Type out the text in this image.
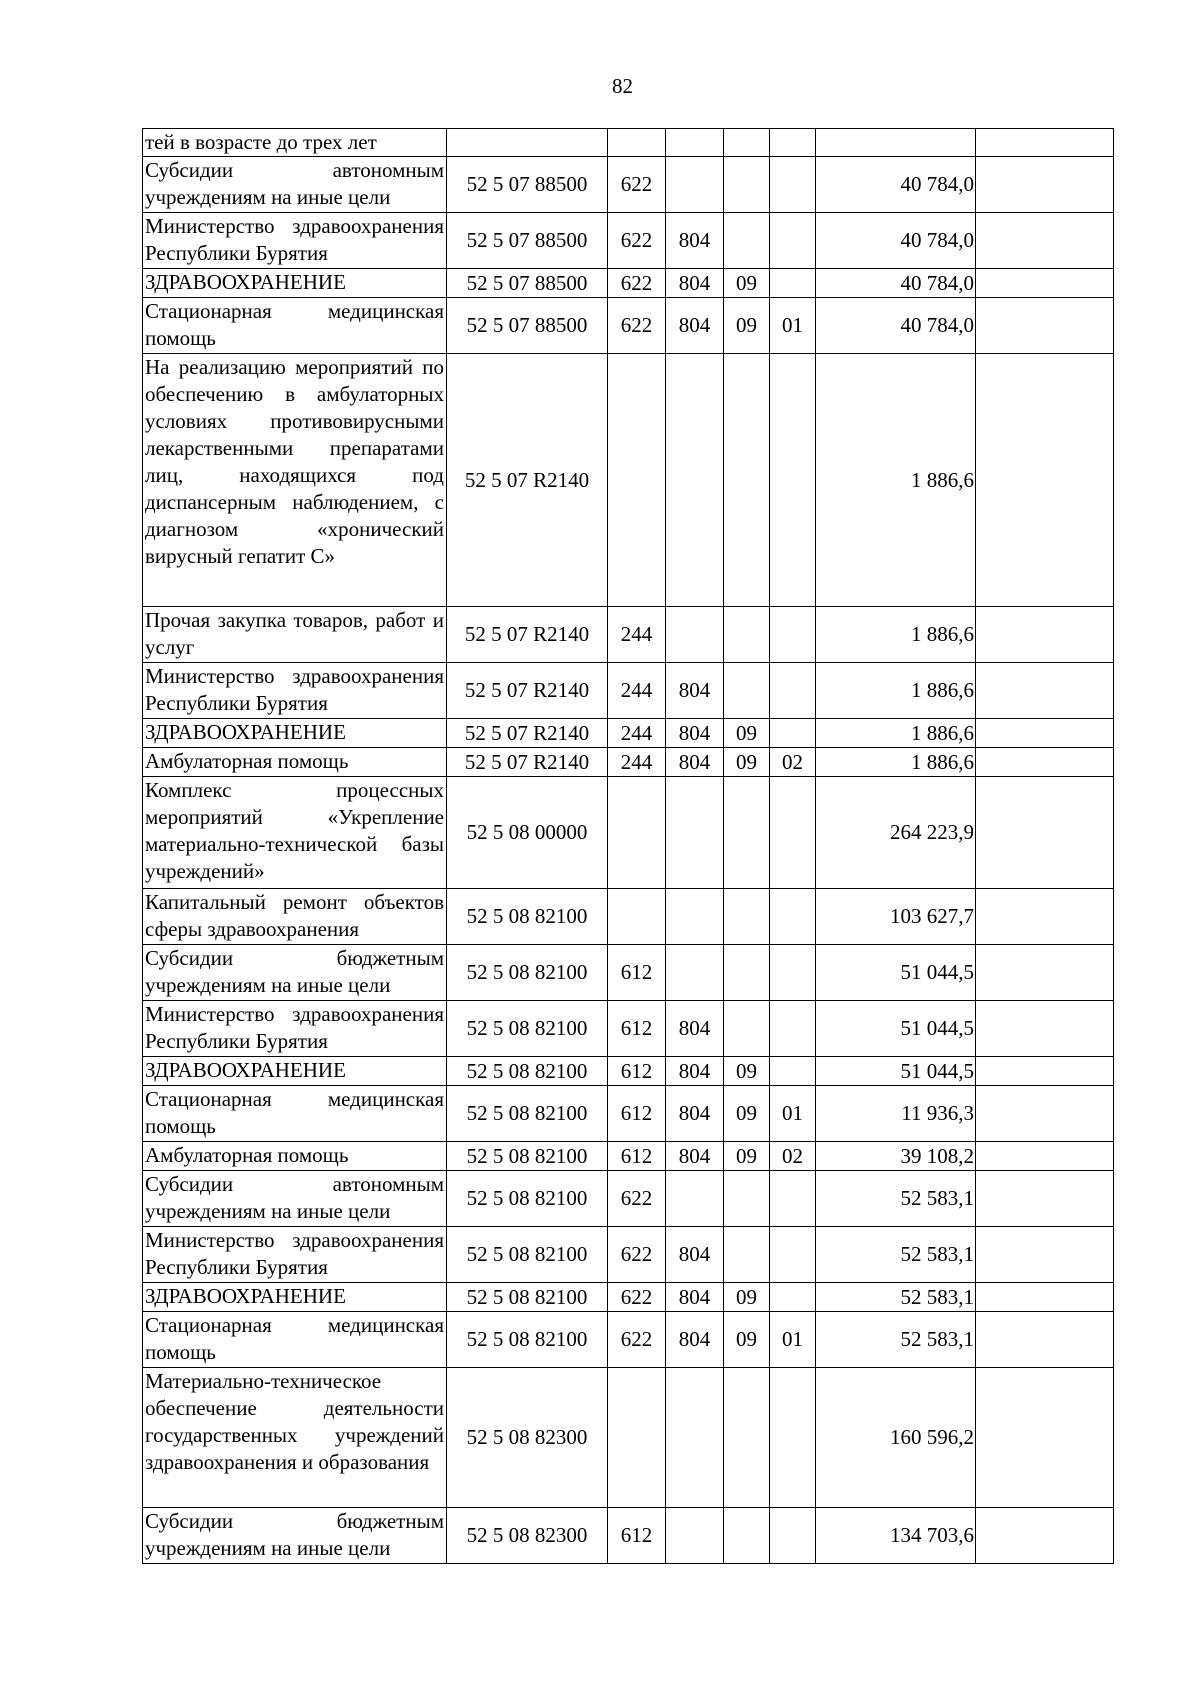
82
тей в возрасте до трех лет							
Субсидии автономным учреждениям на иные цели	52 5 07 88500	622				40 784,0	
Министерство здравоохранения Республики Бурятия	52 5 07 88500	622	804			40 784,0	
ЗДРАВООХРАНЕНИЕ	52 5 07 88500	622	804	09		40 784,0	
Стационарная медицинская помощь	52 5 07 88500	622	804	09	01	40 784,0	
На реализацию мероприятий по обеспечению в амбулаторных условиях противовирусными лекарственными препаратами лиц, находящихся под диспансерным наблюдением, с диагнозом «хронический вирусный гепатит С»	52 5 07 R2140					1 886,6	
Прочая закупка товаров, работ и услуг	52 5 07 R2140	244				1 886,6	
Министерство здравоохранения Республики Бурятия	52 5 07 R2140	244	804			1 886,6	
ЗДРАВООХРАНЕНИЕ	52 5 07 R2140	244	804	09		1 886,6	
Амбулаторная помощь	52 5 07 R2140	244	804	09	02	1 886,6	
Комплекс процессных мероприятий «Укрепление материально-технической базы учреждений»	52 5 08 00000					264 223,9	
Капитальный ремонт объектов сферы здравоохранения	52 5 08 82100					103 627,7	
Субсидии бюджетным учреждениям на иные цели	52 5 08 82100	612				51 044,5	
Министерство здравоохранения Республики Бурятия	52 5 08 82100	612	804			51 044,5	
ЗДРАВООХРАНЕНИЕ	52 5 08 82100	612	804	09		51 044,5	
Стационарная медицинская помощь	52 5 08 82100	612	804	09	01	11 936,3	
Амбулаторная помощь	52 5 08 82100	612	804	09	02	39 108,2	
Субсидии автономным учреждениям на иные цели	52 5 08 82100	622				52 583,1	
Министерство здравоохранения Республики Бурятия	52 5 08 82100	622	804			52 583,1	
ЗДРАВООХРАНЕНИЕ	52 5 08 82100	622	804	09		52 583,1	
Стационарная медицинская помощь	52 5 08 82100	622	804	09	01	52 583,1	
Материально-техническое обеспечение деятельности государственных учреждений здравоохранения и образования	52 5 08 82300					160 596,2	
Субсидии бюджетным учреждениям на иные цели	52 5 08 82300	612				134 703,6	
